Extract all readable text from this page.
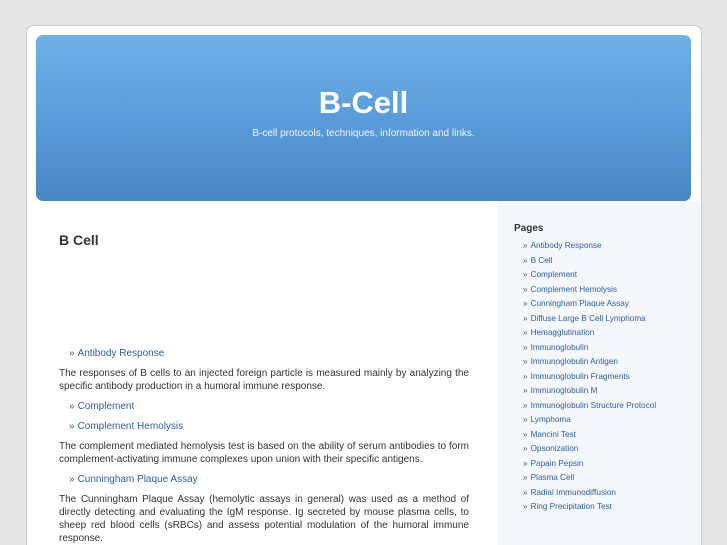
B-Cell
B-cell protocols, techniques, information and links.
B Cell
» Antibody Response

The responses of B cells to an injected foreign particle is measured mainly by analyzing the specific antibody production in a humoral immune response.

» Complement
» Complement Hemolysis

The complement mediated hemolysis test is based on the ability of serum antibodies to form complement-activating immune complexes upon union with their specific antigens.

» Cunningham Plaque Assay

The Cunningham Plaque Assay (hemolytic assays in general) was used as a method of directly detecting and evaluating the IgM response. Ig secreted by mouse plasma cells, to sheep red blood cells (sRBCs) and assess potential modulation of the humoral immune response.

Pages
» Antibody Response
» B Cell
» Complement
» Complement Hemolysis
» Cunningham Plaque Assay
» Diffuse Large B Cell Lymphoma
» Hemagglutination
» Immunoglobulin
» Immunoglobulin Antigen
» Immunoglobulin Fragments
» Immunoglobulin M
» Immunoglobulin Structure Protocol
» Lymphoma
» Mancini Test
» Opsonization
» Papain Pepsin
» Plasma Cell
» Radial Immunodiffusion
» Ring Precipitation Test
